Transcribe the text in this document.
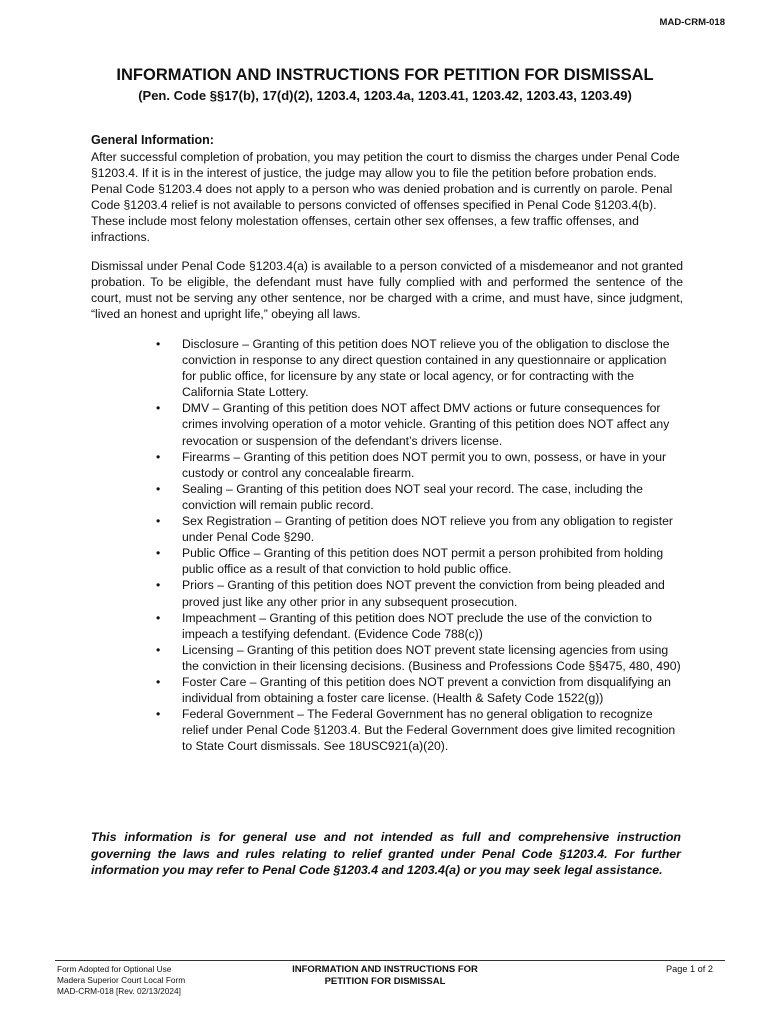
MAD-CRM-018
INFORMATION AND INSTRUCTIONS FOR PETITION FOR DISMISSAL
(Pen. Code §§17(b), 17(d)(2), 1203.4, 1203.4a, 1203.41, 1203.42, 1203.43, 1203.49)
General Information:

After successful completion of probation, you may petition the court to dismiss the charges under Penal Code §1203.4. If it is in the interest of justice, the judge may allow you to file the petition before probation ends. Penal Code §1203.4 does not apply to a person who was denied probation and is currently on parole. Penal Code §1203.4 relief is not available to persons convicted of offenses specified in Penal Code §1203.4(b). These include most felony molestation offenses, certain other sex offenses, a few traffic offenses, and infractions.

Dismissal under Penal Code §1203.4(a) is available to a person convicted of a misdemeanor and not granted probation. To be eligible, the defendant must have fully complied with and performed the sentence of the court, must not be serving any other sentence, nor be charged with a crime, and must have, since judgment, “lived an honest and upright life,” obeying all laws.

• Disclosure – Granting of this petition does NOT relieve you of the obligation to disclose the conviction in response to any direct question contained in any questionnaire or application for public office, for licensure by any state or local agency, or for contracting with the California State Lottery.
• DMV – Granting of this petition does NOT affect DMV actions or future consequences for crimes involving operation of a motor vehicle. Granting of this petition does NOT affect any revocation or suspension of the defendant’s drivers license.
• Firearms – Granting of this petition does NOT permit you to own, possess, or have in your custody or control any concealable firearm.
• Sealing – Granting of this petition does NOT seal your record. The case, including the conviction will remain public record.
• Sex Registration – Granting of petition does NOT relieve you from any obligation to register under Penal Code §290.
• Public Office – Granting of this petition does NOT permit a person prohibited from holding public office as a result of that conviction to hold public office.
• Priors – Granting of this petition does NOT prevent the conviction from being pleaded and proved just like any other prior in any subsequent prosecution.
• Impeachment – Granting of this petition does NOT preclude the use of the conviction to impeach a testifying defendant. (Evidence Code 788(c))
• Licensing – Granting of this petition does NOT prevent state licensing agencies from using the conviction in their licensing decisions. (Business and Professions Code §§475, 480, 490)
• Foster Care – Granting of this petition does NOT prevent a conviction from disqualifying an individual from obtaining a foster care license. (Health & Safety Code 1522(g))
• Federal Government – The Federal Government has no general obligation to recognize relief under Penal Code §1203.4. But the Federal Government does give limited recognition to State Court dismissals. See 18USC921(a)(20).

This information is for general use and not intended as full and comprehensive instruction governing the laws and rules relating to relief granted under Penal Code §1203.4. For further information you may refer to Penal Code §1203.4 and 1203.4(a) or you may seek legal assistance.

Form Adopted for Optional Use
Madera Superior Court Local Form
MAD-CRM-018 [Rev. 02/13/2024]
INFORMATION AND INSTRUCTIONS FOR
PETITION FOR DISMISSAL
Page 1 of 2
